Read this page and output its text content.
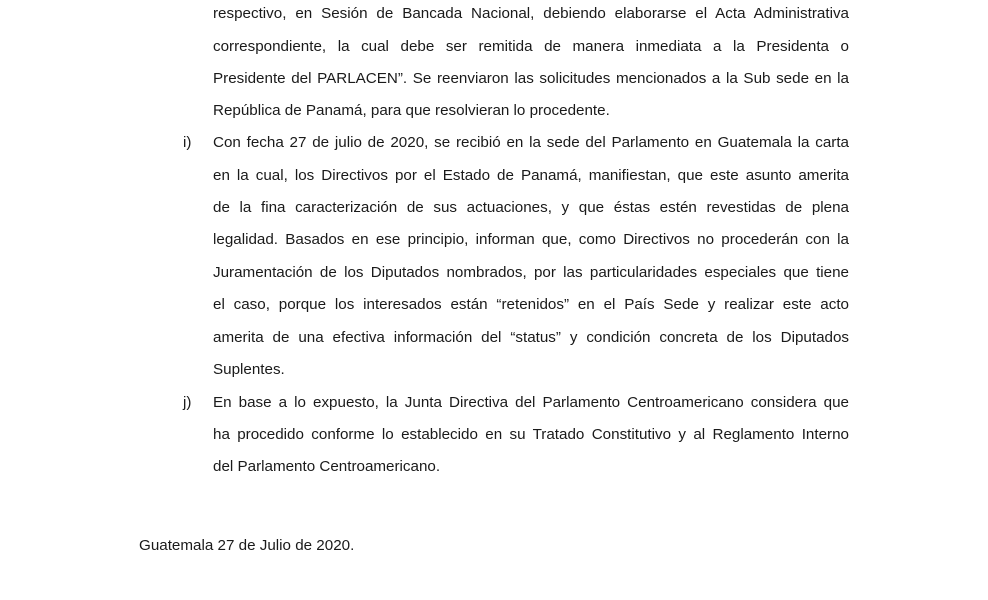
respectivo, en Sesión de Bancada Nacional, debiendo elaborarse el Acta Administrativa
correspondiente, la cual debe ser remitida de manera inmediata a la Presidenta o
Presidente del PARLACEN”. Se reenviaron las solicitudes mencionados a la Sub sede en la
República de Panamá, para que resolvieran lo procedente.
i) Con fecha 27 de julio de 2020, se recibió en la sede del Parlamento en Guatemala la carta
en la cual, los Directivos por el Estado de Panamá, manifiestan, que este asunto amerita
de la fina caracterización de sus actuaciones, y que éstas estén revestidas de plena
legalidad. Basados en ese principio, informan que, como Directivos no procederán con la
Juramentación de los Diputados nombrados, por las particularidades especiales que tiene
el caso, porque los interesados están “retenidos” en el País Sede y realizar este acto
amerita de una efectiva información del “status” y condición concreta de los Diputados
Suplentes.
j) En base a lo expuesto, la Junta Directiva del Parlamento Centroamericano considera que
ha procedido conforme lo establecido en su Tratado Constitutivo y al Reglamento Interno
del Parlamento Centroamericano.
Guatemala 27 de Julio de 2020.
